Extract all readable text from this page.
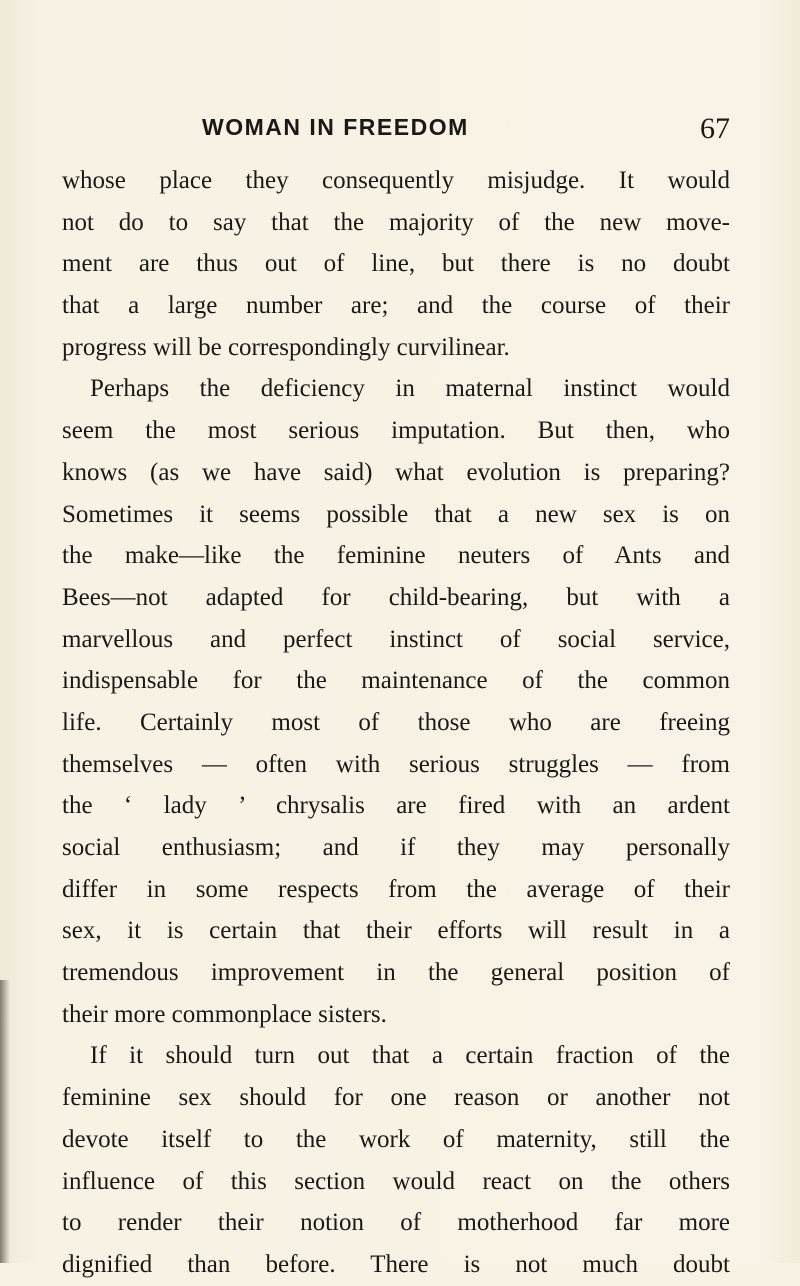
WOMAN IN FREEDOM	67
whose place they consequently misjudge. It would
not do to say that the majority of the new move-
ment are thus out of line, but there is no doubt
that a large number are; and the course of their
progress will be correspondingly curvilinear.
Perhaps the deficiency in maternal instinct would
seem the most serious imputation. But then, who
knows (as we have said) what evolution is preparing?
Sometimes it seems possible that a new sex is on
the make—like the feminine neuters of Ants and
Bees—not adapted for child-bearing, but with a
marvellous and perfect instinct of social service,
indispensable for the maintenance of the common
life. Certainly most of those who are freeing
themselves — often with serious struggles — from
the ‘ lady ’ chrysalis are fired with an ardent
social enthusiasm; and if they may personally
differ in some respects from the average of their
sex, it is certain that their efforts will result in a
tremendous improvement in the general position of
their more commonplace sisters.
If it should turn out that a certain fraction of the
feminine sex should for one reason or another not
devote itself to the work of maternity, still the
influence of this section would react on the others
to render their notion of motherhood far more
dignified than before. There is not much doubt
